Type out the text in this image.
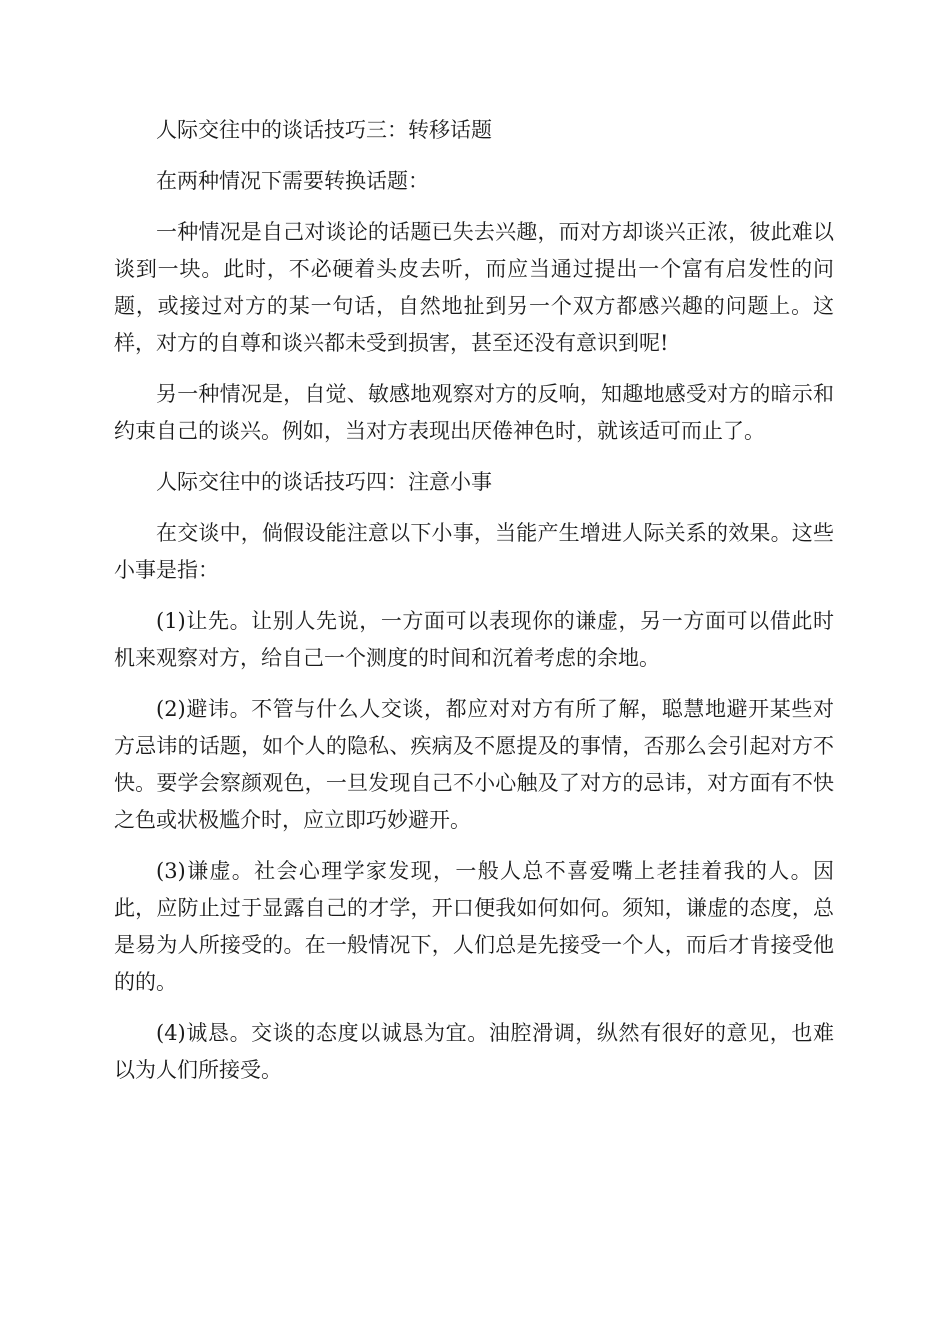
人际交往中的谈话技巧三：转移话题

在两种情况下需要转换话题：

一种情况是自己对谈论的话题已失去兴趣，而对方却谈兴正浓，彼此难以谈到一块。此时，不必硬着头皮去听，而应当通过提出一个富有启发性的问题，或接过对方的某一句话，自然地扯到另一个双方都感兴趣的问题上。这样，对方的自尊和谈兴都未受到损害，甚至还没有意识到呢!

另一种情况是，自觉、敏感地观察对方的反响，知趣地感受对方的暗示和约束自己的谈兴。例如，当对方表现出厌倦神色时，就该适可而止了。

人际交往中的谈话技巧四：注意小事

在交谈中，倘假设能注意以下小事，当能产生增进人际关系的效果。这些小事是指：

(1)让先。让别人先说，一方面可以表现你的谦虚，另一方面可以借此时机来观察对方，给自己一个测度的时间和沉着考虑的余地。

(2)避讳。不管与什么人交谈，都应对对方有所了解，聪慧地避开某些对方忌讳的话题，如个人的隐私、疾病及不愿提及的事情，否那么会引起对方不快。要学会察颜观色，一旦发现自己不小心触及了对方的忌讳，对方面有不快之色或状极尴介时，应立即巧妙避开。

(3)谦虚。社会心理学家发现，一般人总不喜爱嘴上老挂着我的人。因此，应防止过于显露自己的才学，开口便我如何如何。须知，谦虚的态度，总是易为人所接受的。在一般情况下，人们总是先接受一个人，而后才肯接受他的的。

(4)诚恳。交谈的态度以诚恳为宜。油腔滑调，纵然有很好的意见，也难以为人们所接受。
